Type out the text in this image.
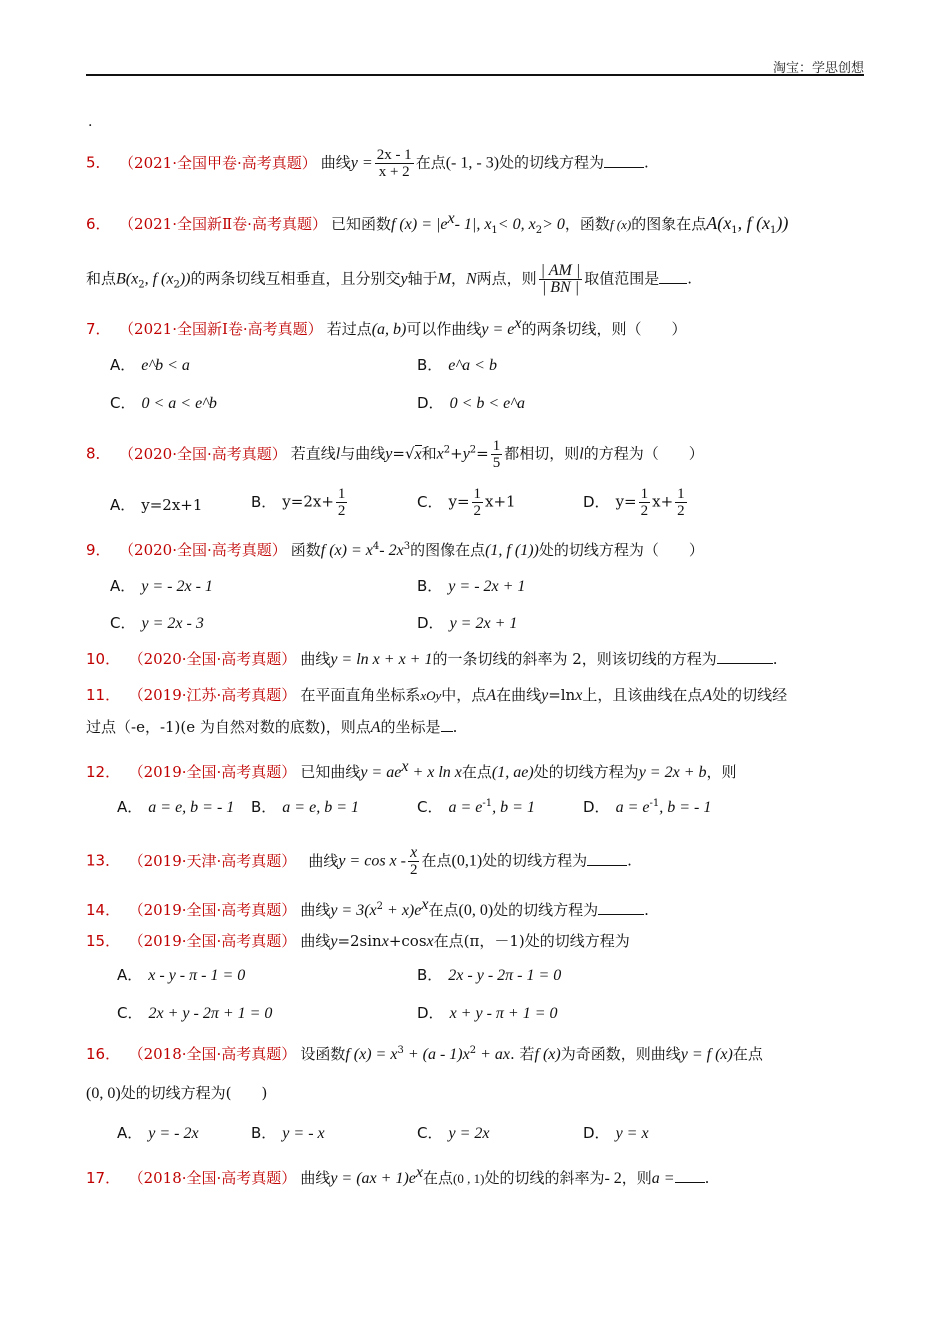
淘宝：学思创想
.
5． （2021·全国甲卷·高考真题） 曲线$y = \frac{2x - 1}{x + 2}$ 在点(- 1, - 3)处的切线方程为	.
6． （2021·全国新Ⅱ卷·高考真题） 已知函数f $(x) = |e^x-$ 1|, $x_1< 0$, $x_2> 0$，函数f (x)的图象在点$A(x_1$, f $(x_1)$)
和点$B(x_2$, f $(x_2)$)的两条切线互相垂直，且分别交y轴于M，N两点，则 $\frac{| AM |}{| BN |}$ 取值范围是 .
7． （2021·全国新Ⅰ卷·高考真题） 若过点(a, b)可以作曲线$y = e^x$的两条切线，则（　　）
A． e^b < a	B． e^a < b
C． 0 < a < e^b	D． 0 < b < e^a
8． （2020·全国·高考真题） 若直线l与曲线y=√x和$x^2+y^2= \frac{1}{5}$ 都相切，则l的方程为（　　）
A． y=2x+1	B． $y=2x+ \frac{1}{2}$	C． $y= \frac{1}{2} x+1$	D． $y= \frac{1}{2} x+ \frac{1}{2}$
9． （2020·全国·高考真题） 函数f $(x) = x^4-$ $2x^3$的图像在点(1, f (1))处的切线方程为（　　）
A． y = - 2x - 1	B． y = - 2x + 1
C． y = 2x - 3	D． y = 2x + 1
10． （2020·全国·高考真题） 曲线y = ln x + x + 1的一条切线的斜率为 2，则该切线的方程为	.
11． （2019·江苏·高考真题） 在平面直角坐标系xOy中，点A在曲线y=lnx上，且该曲线在点A处的切线经
过点（-e，-1)(e 为自然对数的底数)，则点A的坐标是 .
12． （2019·全国·高考真题） 已知曲线$y = ae^x + x$ ln x在点(1, ae)处的切线方程为y = 2x + b，则
A． a = e, b = - 1 B． a = e, b = 1	C． $a = e^{-1}$, b = 1	D． $a = e^{-1}$, b = - 1
13． （2019·天津·高考真题） 曲线$y = \cos x - \frac{x}{2}$ 在点(0,1)处的切线方程为	.
14． （2019·全国·高考真题） 曲线$y = 3(x^2 + x)e^x$在点(0, 0)处的切线方程为	.
15． （2019·全国·高考真题） 曲线y=2sinx+cosx在点(π，－1)处的切线方程为
A． x - y - π - 1 = 0	B． 2x - y - 2π - 1 = 0
C． 2x + y - 2π + 1 = 0	D． x + y - π + 1 = 0
16． （2018·全国·高考真题） 设函数f $(x) = x^3 + (a - 1)x^2$ + ax. 若f (x)为奇函数，则曲线y = f (x)在点
(0, 0)处的切线方程为(　　)
A． y = - 2x	B． y = - x	C． y = 2x	D． y = x
17． （2018·全国·高考真题） 曲线$y = (ax + 1)e^x$在点(0 , 1)处的切线的斜率为- 2，则a = .
